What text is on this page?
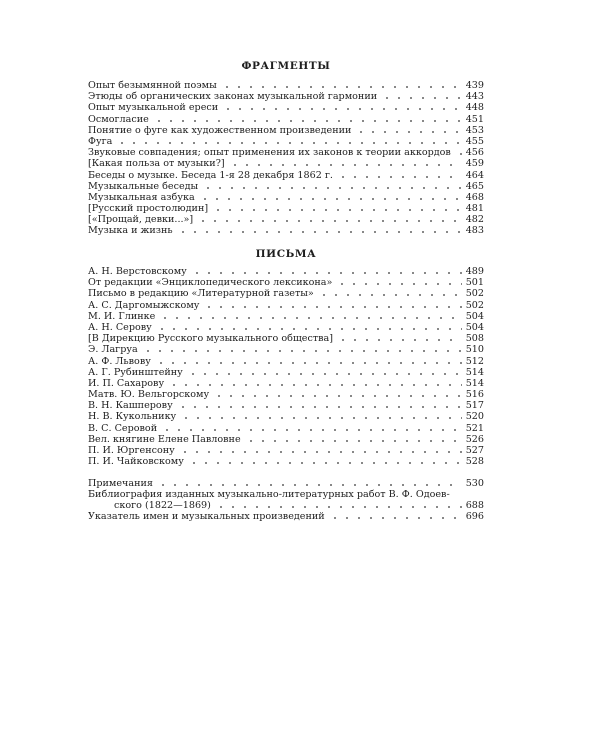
ФРАГМЕНТЫ
Опыт безымянной поэмы	439
Этюды об органических законах музыкальной гармонии	443
Опыт музыкальной ереси	448
Осмогласие	451
Понятие о фуге как художественном произведении	453
Фуга	455
Звуковые совпадения; опыт применения их законов к теории аккордов 456
[Какая польза от музыки?]	459
Беседы о музыке. Беседа 1-я 28 декабря 1862 г.	464
Музыкальные беседы	465
Музыкальная азбука	468
[Русский простолюдин]	481
[«Прощай, девки...»]	482
Музыка и жизнь	483
ПИСЬМА
А. Н. Верстовскому	489
От редакции «Энциклопедического лексикона»	501
Письмо в редакцию «Литературной газеты»	502
А. С. Даргомыжскому	502
М. И. Глинке	504
А. Н. Серову	504
[В Дирекцию Русского музыкального общества]	508
Э. Лагруа	510
А. Ф. Львову	512
А. Г. Рубинштейну	514
И. П. Сахарову	514
Матв. Ю. Вельгорскому	516
В. Н. Кашперову	517
Н. В. Кукольнику	520
В. С. Серовой	521
Вел. княгине Елене Павловне	526
П. И. Юргенсону	527
П. И. Чайковскому	528
Примечания	530
Библиография изданных музыкально-литературных работ В. Ф. Одоев-
ского (1822—1869)	688
Указатель имен и музыкальных произведений	696
